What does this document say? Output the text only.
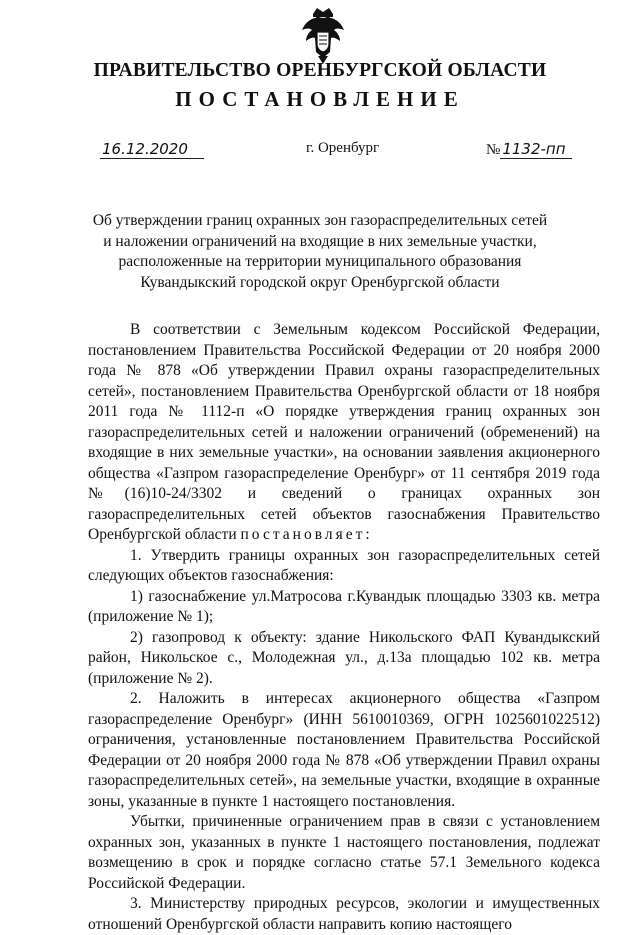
ПРАВИТЕЛЬСТВО ОРЕНБУРГСКОЙ ОБЛАСТИ
ПОСТАНОВЛЕНИЕ
16.12.2020	г. Оренбург	№ 1132-пп
Об утверждении границ охранных зон газораспределительных сетей
и наложении ограничений на входящие в них земельные участки,
расположенные на территории муниципального образования
Кувандыкский городской округ Оренбургской области

В соответствии с Земельным кодексом Российской Федерации, постановлением Правительства Российской Федерации от 20 ноября 2000 года № 878 «Об утверждении Правил охраны газораспределительных сетей», постановлением Правительства Оренбургской области от 18 ноября 2011 года № 1112-п «О порядке утверждения границ охранных зон газораспределительных сетей и наложении ограничений (обременений) на входящие в них земельные участки», на основании заявления акционерного общества «Газпром газораспределение Оренбург» от 11 сентября 2019 года №(16)10-24/3302 и сведений о границах охранных зон газораспределительных сетей объектов газоснабжения Правительство Оренбургской области постановляет:

1. Утвердить границы охранных зон газораспределительных сетей следующих объектов газоснабжения:

1) газоснабжение ул.Матросова г.Кувандык площадью 3303 кв. метра (приложение № 1);

2) газопровод к объекту: здание Никольского ФАП Кувандыкский район, Никольское с., Молодежная ул., д.13а площадью 102 кв. метра (приложение № 2).

2. Наложить в интересах акционерного общества «Газпром газораспределение Оренбург» (ИНН 5610010369, ОГРН 1025601022512) ограничения, установленные постановлением Правительства Российской Федерации от 20 ноября 2000 года № 878 «Об утверждении Правил охраны газораспределительных сетей», на земельные участки, входящие в охранные зоны, указанные в пункте 1 настоящего постановления.

Убытки, причиненные ограничением прав в связи с установлением охранных зон, указанных в пункте 1 настоящего постановления, подлежат возмещению в срок и порядке согласно статье 57.1 Земельного кодекса Российской Федерации.

3. Министерству природных ресурсов, экологии и имущественных отношений Оренбургской области направить копию настоящего
